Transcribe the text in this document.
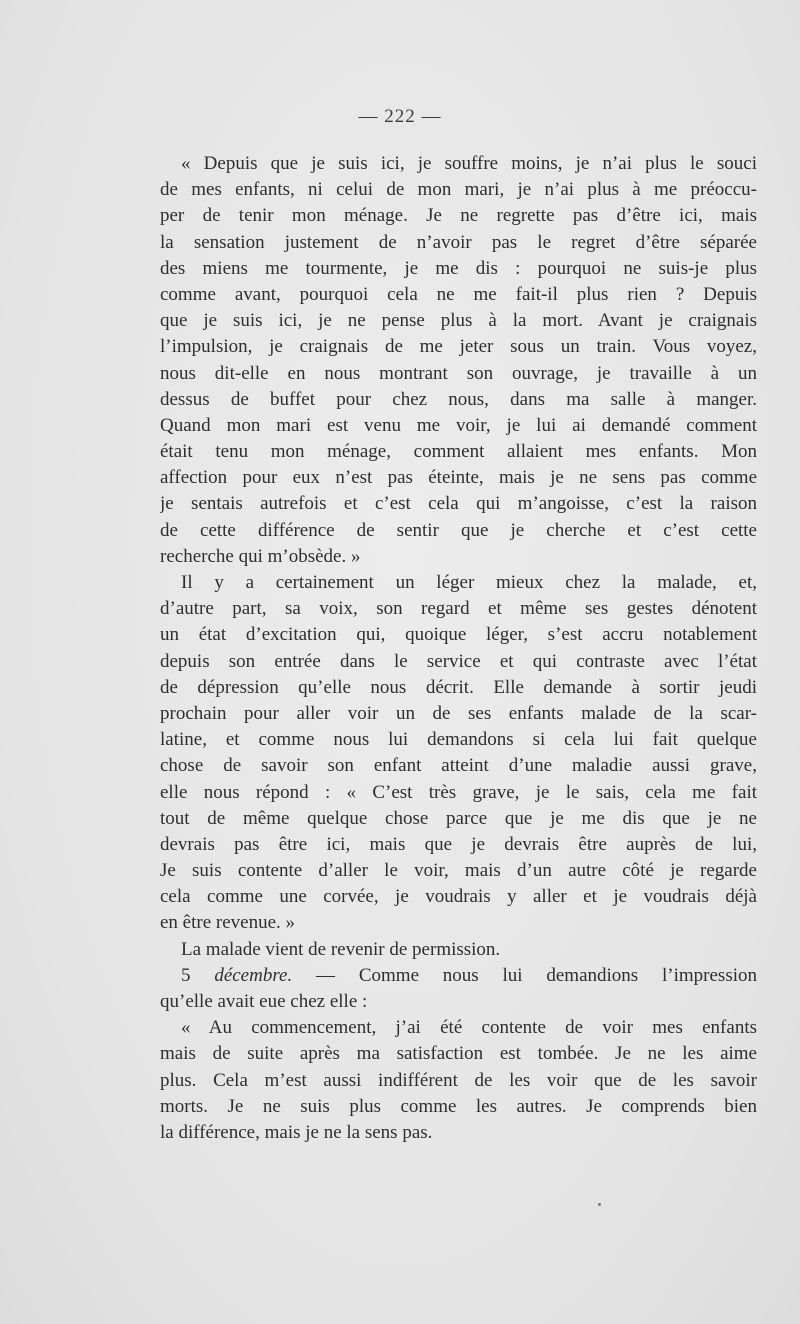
— 222 —
« Depuis que je suis ici, je souffre moins, je n’ai plus le souci
de mes enfants, ni celui de mon mari, je n’ai plus à me préoccu-
per de tenir mon ménage. Je ne regrette pas d’être ici, mais
la sensation justement de n’avoir pas le regret d’être séparée
des miens me tourmente, je me dis : pourquoi ne suis-je plus
comme avant, pourquoi cela ne me fait-il plus rien ? Depuis
que je suis ici, je ne pense plus à la mort. Avant je craignais
l’impulsion, je craignais de me jeter sous un train. Vous voyez,
nous dit-elle en nous montrant son ouvrage, je travaille à un
dessus de buffet pour chez nous, dans ma salle à manger.
Quand mon mari est venu me voir, je lui ai demandé comment
était tenu mon ménage, comment allaient mes enfants. Mon
affection pour eux n’est pas éteinte, mais je ne sens pas comme
je sentais autrefois et c’est cela qui m’angoisse, c’est la raison
de cette différence de sentir que je cherche et c’est cette
recherche qui m’obsède. »
Il y a certainement un léger mieux chez la malade, et,
d’autre part, sa voix, son regard et même ses gestes dénotent
un état d’excitation qui, quoique léger, s’est accru notablement
depuis son entrée dans le service et qui contraste avec l’état
de dépression qu’elle nous décrit. Elle demande à sortir jeudi
prochain pour aller voir un de ses enfants malade de la scar-
latine, et comme nous lui demandons si cela lui fait quelque
chose de savoir son enfant atteint d’une maladie aussi grave,
elle nous répond : « C’est très grave, je le sais, cela me fait
tout de même quelque chose parce que je me dis que je ne
devrais pas être ici, mais que je devrais être auprès de lui,
Je suis contente d’aller le voir, mais d’un autre côté je regarde
cela comme une corvée, je voudrais y aller et je voudrais déjà
en être revenue. »
La malade vient de revenir de permission.
5 décembre. — Comme nous lui demandions l’impression
qu’elle avait eue chez elle :
« Au commencement, j’ai été contente de voir mes enfants
mais de suite après ma satisfaction est tombée. Je ne les aime
plus. Cela m’est aussi indifférent de les voir que de les savoir
morts. Je ne suis plus comme les autres. Je comprends bien
la différence, mais je ne la sens pas.
